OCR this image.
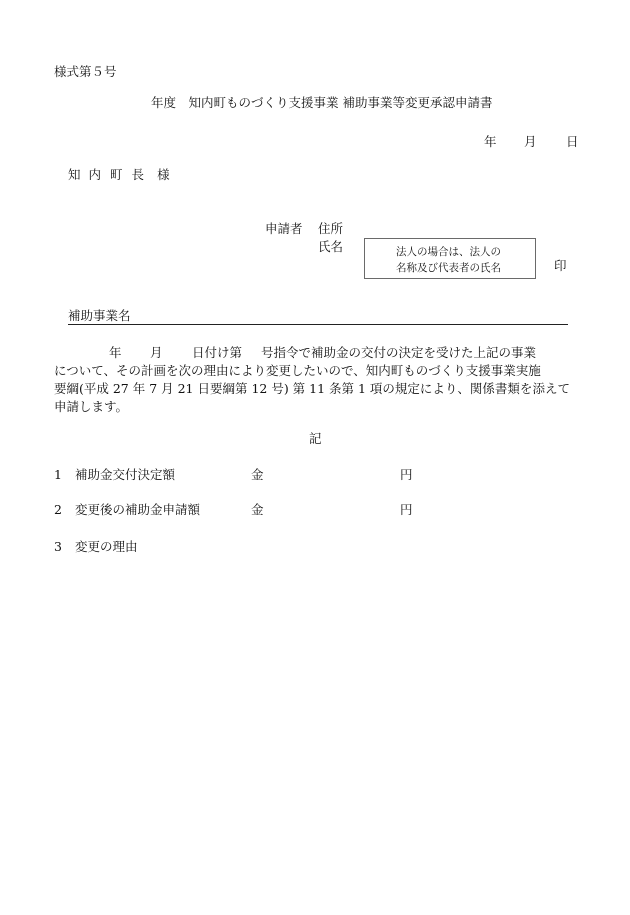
様式第５号
年度　知内町ものづくり支援事業 補助事業等変更承認申請書
年 月 日
知 内 町 長 様
申請者 住所
氏名	法人の場合は、法人の
名称及び代表者の氏名	印
補助事業名
年 月 日付け第 号指令で補助金の交付の決定を受けた上記の事業
について、その計画を次の理由により変更したいので、知内町ものづくり支援事業実施
要綱(平成 27 年 7 月 21 日要綱第 12 号) 第 11 条第 1 項の規定により、関係書類を添えて
申請します。
記
1 補助金交付決定額	金	円
2 変更後の補助金申請額	金	円
3 変更の理由
